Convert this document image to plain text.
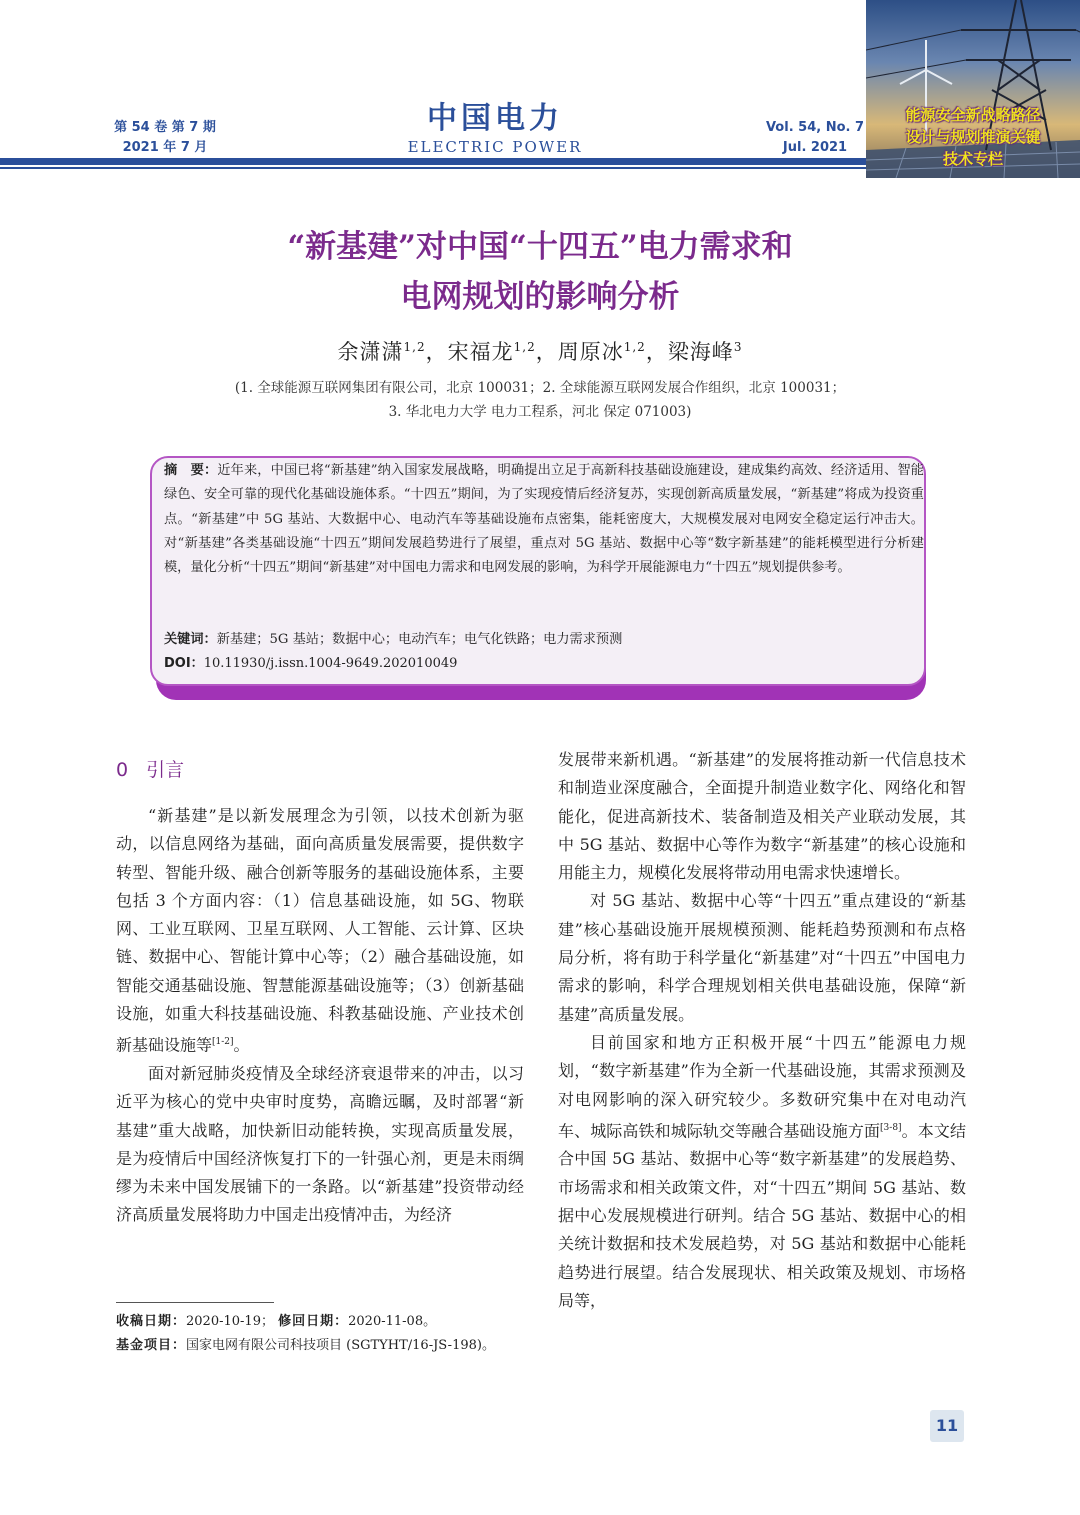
第 54 卷 第 7 期
2021 年 7 月
中国电力
ELECTRIC POWER
Vol. 54, No. 7
Jul. 2021
能源安全新战略路径
设计与规划推演关键
技术专栏
“新基建”对中国“十四五”电力需求和
电网规划的影响分析
余潇潇$^{1,2}$，宋福龙$^{1,2}$，周原冰$^{1,2}$，梁海峰$^3$
(1. 全球能源互联网集团有限公司，北京 100031；2. 全球能源互联网发展合作组织，北京 100031；
3. 华北电力大学 电力工程系，河北 保定 071003)
摘　要：近年来，中国已将“新基建”纳入国家发展战略，明确提出立足于高新科技基础设施建设，建成集约高效、经济适用、智能绿色、安全可靠的现代化基础设施体系。“十四五”期间，为了实现疫情后经济复苏，实现创新高质量发展，“新基建”将成为投资重点。“新基建”中 5G 基站、大数据中心、电动汽车等基础设施布点密集，能耗密度大，大规模发展对电网安全稳定运行冲击大。对“新基建”各类基础设施“十四五”期间发展趋势进行了展望，重点对 5G 基站、数据中心等“数字新基建”的能耗模型进行分析建模，量化分析“十四五”期间“新基建”对中国电力需求和电网发展的影响，为科学开展能源电力“十四五”规划提供参考。
关键词：新基建；5G 基站；数据中心；电动汽车；电气化铁路；电力需求预测
DOI：10.11930/j.issn.1004-9649.202010049
0 引言

“新基建”是以新发展理念为引领，以技术创新为驱动，以信息网络为基础，面向高质量发展需要，提供数字转型、智能升级、融合创新等服务的基础设施体系，主要包括 3 个方面内容：（1）信息基础设施，如 5G、物联网、工业互联网、卫星互联网、人工智能、云计算、区块链、数据中心、智能计算中心等；（2）融合基础设施，如智能交通基础设施、智慧能源基础设施等；（3）创新基础设施，如重大科技基础设施、科教基础设施、产业技术创新基础设施等[1-2]。

面对新冠肺炎疫情及全球经济衰退带来的冲击，以习近平为核心的党中央审时度势，高瞻远瞩，及时部署“新基建”重大战略，加快新旧动能转换，实现高质量发展，是为疫情后中国经济恢复打下的一针强心剂，更是未雨绸缪为未来中国发展铺下的一条路。以“新基建”投资带动经济高质量发展将助力中国走出疫情冲击，为经济

发展带来新机遇。“新基建”的发展将推动新一代信息技术和制造业深度融合，全面提升制造业数字化、网络化和智能化，促进高新技术、装备制造及相关产业联动发展，其中 5G 基站、数据中心等作为数字“新基建”的核心设施和用能主力，规模化发展将带动用电需求快速增长。

对 5G 基站、数据中心等“十四五”重点建设的“新基建”核心基础设施开展规模预测、能耗趋势预测和布点格局分析，将有助于科学量化“新基建”对“十四五”中国电力需求的影响，科学合理规划相关供电基础设施，保障“新基建”高质量发展。

目前国家和地方正积极开展“十四五”能源电力规划，“数字新基建”作为全新一代基础设施，其需求预测及对电网影响的深入研究较少。多数研究集中在对电动汽车、城际高铁和城际轨交等融合基础设施方面[3-8]。本文结合中国 5G 基站、数据中心等“数字新基建”的发展趋势、市场需求和相关政策文件，对“十四五”期间 5G 基站、数据中心发展规模进行研判。结合 5G 基站、数据中心的相关统计数据和技术发展趋势，对 5G 基站和数据中心能耗趋势进行展望。结合发展现状、相关政策及规划、市场格局等，

收稿日期：2020-10-19； 修回日期：2020-11-08。
基金项目：国家电网有限公司科技项目 (SGTYHT/16-JS-198)。
11
